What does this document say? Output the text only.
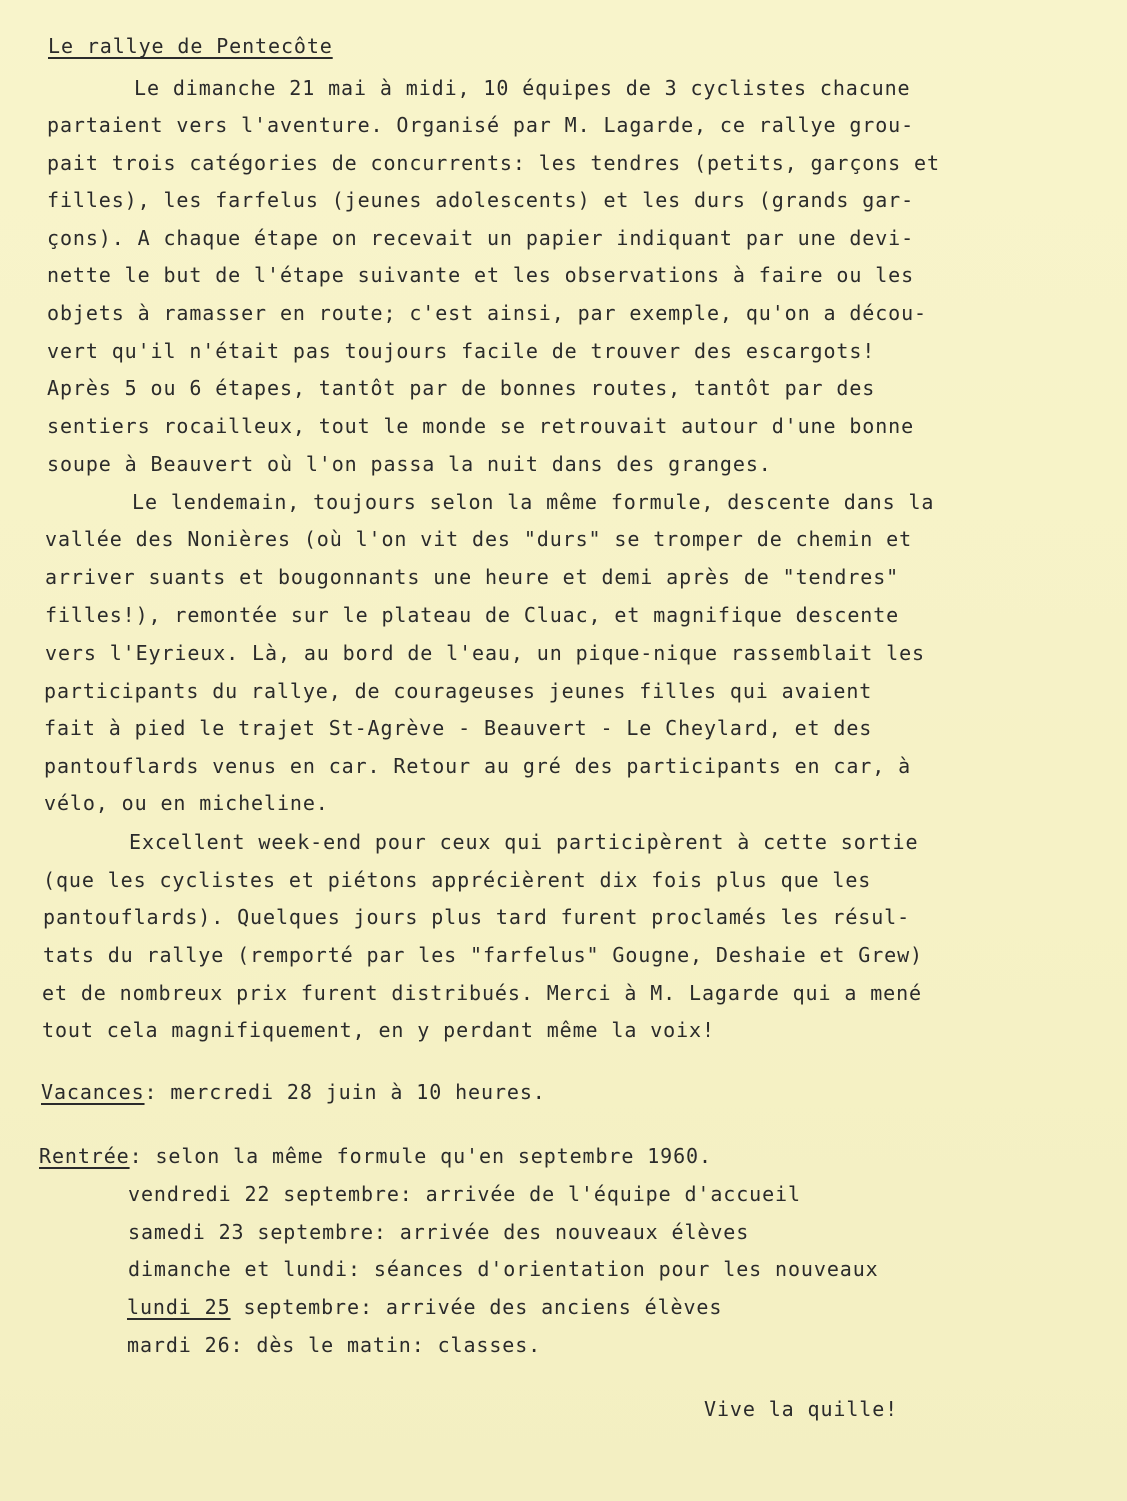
Le rallye de Pentecôte
Le dimanche 21 mai à midi, 10 équipes de 3 cyclistes chacune
partaient vers l'aventure. Organisé par M. Lagarde, ce rallye grou-
pait trois catégories de concurrents: les tendres (petits, garçons et
filles), les farfelus (jeunes adolescents) et les durs (grands gar-
çons). A chaque étape on recevait un papier indiquant par une devi-
nette le but de l'étape suivante et les observations à faire ou les
objets à ramasser en route; c'est ainsi, par exemple, qu'on a décou-
vert qu'il n'était pas toujours facile de trouver des escargots!
Après 5 ou 6 étapes, tantôt par de bonnes routes, tantôt par des
sentiers rocailleux, tout le monde se retrouvait autour d'une bonne
soupe à Beauvert où l'on passa la nuit dans des granges.
Le lendemain, toujours selon la même formule, descente dans la
vallée des Nonières (où l'on vit des "durs" se tromper de chemin et
arriver suants et bougonnants une heure et demi après de "tendres"
filles!), remontée sur le plateau de Cluac, et magnifique descente
vers l'Eyrieux. Là, au bord de l'eau, un pique-nique rassemblait les
participants du rallye, de courageuses jeunes filles qui avaient
fait à pied le trajet St-Agrève - Beauvert - Le Cheylard, et des
pantouflards venus en car. Retour au gré des participants en car, à
vélo, ou en micheline.
Excellent week-end pour ceux qui participèrent à cette sortie
(que les cyclistes et piétons apprécièrent dix fois plus que les
pantouflards). Quelques jours plus tard furent proclamés les résul-
tats du rallye (remporté par les "farfelus" Gougne, Deshaie et Grew)
et de nombreux prix furent distribués. Merci à M. Lagarde qui a mené
tout cela magnifiquement, en y perdant même la voix!
Vacances: mercredi 28 juin à 10 heures.
Rentrée: selon la même formule qu'en septembre 1960.
vendredi 22 septembre: arrivée de l'équipe d'accueil
samedi 23 septembre: arrivée des nouveaux élèves
dimanche et lundi: séances d'orientation pour les nouveaux
lundi 25 septembre: arrivée des anciens élèves
mardi 26: dès le matin: classes.
Vive la quille!
